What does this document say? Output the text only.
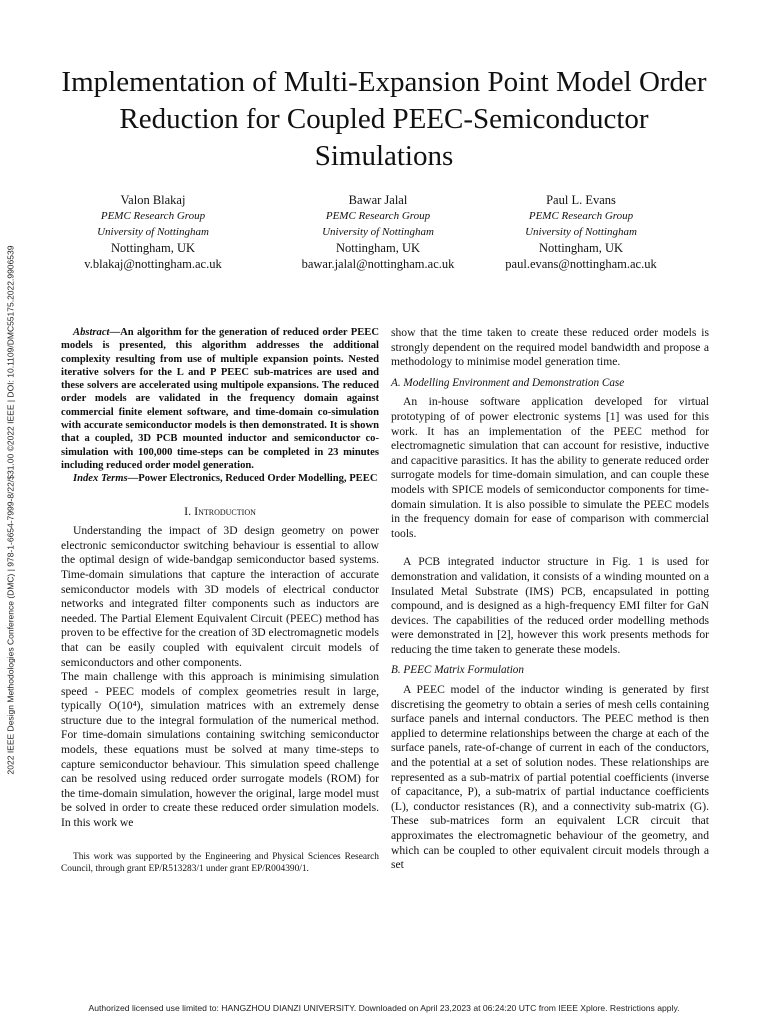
2022 IEEE Design Methodologies Conference (DMC) | 978-1-6654-7999-8/22/$31.00 ©2022 IEEE | DOI: 10.1109/DMC55175.2022.9906539
Implementation of Multi-Expansion Point Model Order Reduction for Coupled PEEC-Semiconductor Simulations
Valon Blakaj
PEMC Research Group
University of Nottingham
Nottingham, UK
v.blakaj@nottingham.ac.uk
Bawar Jalal
PEMC Research Group
University of Nottingham
Nottingham, UK
bawar.jalal@nottingham.ac.uk
Paul L. Evans
PEMC Research Group
University of Nottingham
Nottingham, UK
paul.evans@nottingham.ac.uk

Abstract—An algorithm for the generation of reduced order PEEC models is presented, this algorithm addresses the additional complexity resulting from use of multiple expansion points. Nested iterative solvers for the L and P PEEC sub-matrices are used and these solvers are accelerated using multipole expansions. The reduced order models are validated in the frequency domain against commercial finite element software, and time-domain co-simulation with accurate semiconductor models is then demonstrated. It is shown that a coupled, 3D PCB mounted inductor and semiconductor co-simulation with 100,000 time-steps can be completed in 23 minutes including reduced order model generation.

Index Terms—Power Electronics, Reduced Order Modelling, PEEC

I. Introduction

Understanding the impact of 3D design geometry on power electronic semiconductor switching behaviour is essential to allow the optimal design of wide-bandgap semiconductor based systems. Time-domain simulations that capture the interaction of accurate semiconductor models with 3D models of electrical conductor networks and integrated filter components such as inductors are needed. The Partial Element Equivalent Circuit (PEEC) method has proven to be effective for the creation of 3D electromagnetic models that can be easily coupled with equivalent circuit models of semiconductors and other components.

The main challenge with this approach is minimising simulation speed - PEEC models of complex geometries result in large, typically O(10⁴), simulation matrices with an extremely dense structure due to the integral formulation of the numerical method. For time-domain simulations containing switching semiconductor models, these equations must be solved at many time-steps to capture semiconductor behaviour. This simulation speed challenge can be resolved using reduced order surrogate models (ROM) for the time-domain simulation, however the original, large model must be solved in order to create these reduced order simulation models. In this work we

This work was supported by the Engineering and Physical Sciences Research Council, through grant EP/R513283/1 under grant EP/R004390/1.

show that the time taken to create these reduced order models is strongly dependent on the required model bandwidth and propose a methodology to minimise model generation time.

A. Modelling Environment and Demonstration Case

An in-house software application developed for virtual prototyping of of power electronic systems [1] was used for this work. It has an implementation of the PEEC method for electromagnetic simulation that can account for resistive, inductive and capacitive parasitics. It has the ability to generate reduced order surrogate models for time-domain simulation, and can couple these models with SPICE models of semiconductor components for time-domain simulation. It is also possible to simulate the PEEC models in the frequency domain for ease of comparison with commercial tools.

A PCB integrated inductor structure in Fig. 1 is used for demonstration and validation, it consists of a winding mounted on a Insulated Metal Substrate (IMS) PCB, encapsulated in potting compound, and is designed as a high-frequency EMI filter for GaN devices. The capabilities of the reduced order modelling methods were demonstrated in [2], however this work presents methods for reducing the time taken to generate these models.

B. PEEC Matrix Formulation

A PEEC model of the inductor winding is generated by first discretising the geometry to obtain a series of mesh cells containing surface panels and internal conductors. The PEEC method is then applied to determine relationships between the charge at each of the surface panels, rate-of-change of current in each of the conductors, and the potential at a set of solution nodes. These relationships are represented as a sub-matrix of partial potential coefficients (inverse of capacitance, P), a sub-matrix of partial inductance coefficients (L), conductor resistances (R), and a connectivity sub-matrix (G). These sub-matrices form an equivalent LCR circuit that approximates the electromagnetic behaviour of the geometry, and which can be coupled to other equivalent circuit models through a set

Authorized licensed use limited to: HANGZHOU DIANZI UNIVERSITY. Downloaded on April 23,2023 at 06:24:20 UTC from IEEE Xplore. Restrictions apply.
